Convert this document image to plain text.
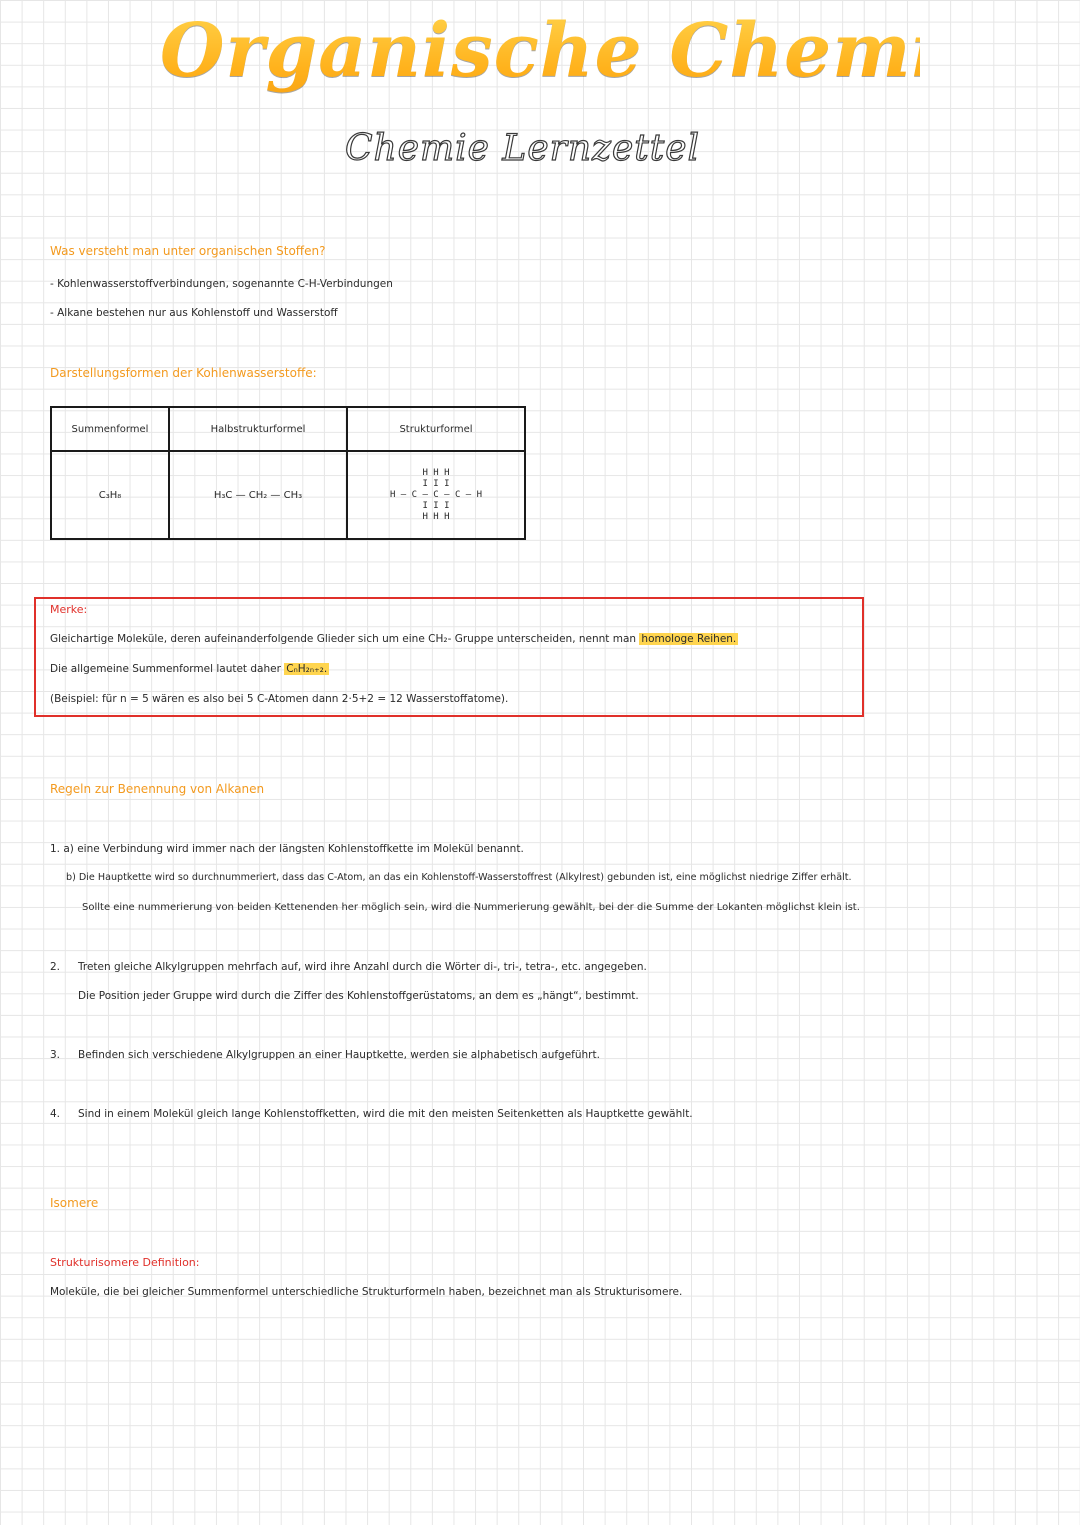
Organische Chemie
Chemie Lernzettel
Was versteht man unter organischen Stoffen?
- Kohlenwasserstoffverbindungen, sogenannte C-H-Verbindungen
- Alkane bestehen nur aus Kohlenstoff und Wasserstoff
Darstellungsformen der Kohlenwasserstoffe:
Summenformel	Halbstrukturformel	Strukturformel
C₃H₈	H₃C — CH₂ — CH₃	H H H
I I I
H – C – C – C – H
I I I
H H H
Merke:
Gleichartige Moleküle, deren aufeinanderfolgende Glieder sich um eine CH₂- Gruppe unterscheiden, nennt man homologe Reihen.
Die allgemeine Summenformel lautet daher CₙH₂ₙ₊₂.
(Beispiel: für n = 5 wären es also bei 5 C-Atomen dann 2·5+2 = 12 Wasserstoffatome).
Regeln zur Benennung von Alkanen
1. a) eine Verbindung wird immer nach der längsten Kohlenstoffkette im Molekül benannt.
b) Die Hauptkette wird so durchnummeriert, dass das C-Atom, an das ein Kohlenstoff-Wasserstoffrest (Alkylrest) gebunden ist, eine möglichst niedrige Ziffer erhält.
Sollte eine nummerierung von beiden Kettenenden her möglich sein, wird die Nummerierung gewählt, bei der die Summe der Lokanten möglichst klein ist.
2. Treten gleiche Alkylgruppen mehrfach auf, wird ihre Anzahl durch die Wörter di-, tri-, tetra-, etc. angegeben.
Die Position jeder Gruppe wird durch die Ziffer des Kohlenstoffgerüstatoms, an dem es „hängt“, bestimmt.
3. Befinden sich verschiedene Alkylgruppen an einer Hauptkette, werden sie alphabetisch aufgeführt.
4. Sind in einem Molekül gleich lange Kohlenstoffketten, wird die mit den meisten Seitenketten als Hauptkette gewählt.
Isomere
Strukturisomere Definition:
Moleküle, die bei gleicher Summenformel unterschiedliche Strukturformeln haben, bezeichnet man als Strukturisomere.
